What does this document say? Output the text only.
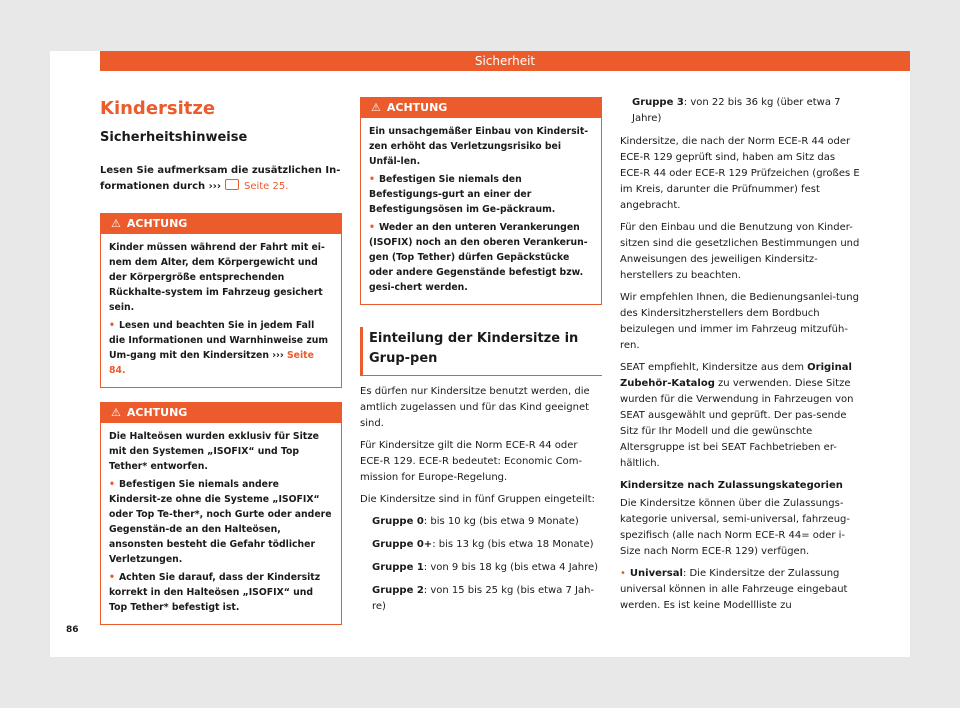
Sicherheit
Kindersitze
Sicherheitshinweise

Lesen Sie aufmerksam die zusätzlichen In-formationen durch ››› Seite 25.

⚠ ACHTUNG

Kinder müssen während der Fahrt mit ei-nem dem Alter, dem Körpergewicht und der Körpergröße entsprechenden Rückhalte-system im Fahrzeug gesichert sein.

• Lesen und beachten Sie in jedem Fall die Informationen und Warnhinweise zum Um-gang mit den Kindersitzen ››› Seite 84.

⚠ ACHTUNG

Die Halteösen wurden exklusiv für Sitze mit den Systemen „ISOFIX“ und Top Tether* entworfen.

• Befestigen Sie niemals andere Kindersit-ze ohne die Systeme „ISOFIX“ oder Top Te-ther*, noch Gurte oder andere Gegenstän-de an den Halteösen, ansonsten besteht die Gefahr tödlicher Verletzungen.

• Achten Sie darauf, dass der Kindersitz korrekt in den Halteösen „ISOFIX“ und Top Tether* befestigt ist.

⚠ ACHTUNG

Ein unsachgemäßer Einbau von Kindersit-zen erhöht das Verletzungsrisiko bei Unfäl-len.

• Befestigen Sie niemals den Befestigungs-gurt an einer der Befestigungsösen im Ge-päckraum.

• Weder an den unteren Verankerungen (ISOFIX) noch an den oberen Verankerun-gen (Top Tether) dürfen Gepäckstücke oder andere Gegenstände befestigt bzw. gesi-chert werden.

Einteilung der Kindersitze in Grup-pen

Es dürfen nur Kindersitze benutzt werden, die amtlich zugelassen und für das Kind geeignet sind.

Für Kindersitze gilt die Norm ECE-R 44 oder ECE-R 129. ECE-R bedeutet: Economic Com-mission for Europe-Regelung.

Die Kindersitze sind in fünf Gruppen eingeteilt:

Gruppe 0: bis 10 kg (bis etwa 9 Monate)
Gruppe 0+: bis 13 kg (bis etwa 18 Monate)
Gruppe 1: von 9 bis 18 kg (bis etwa 4 Jahre)
Gruppe 2: von 15 bis 25 kg (bis etwa 7 Jah-re)
Gruppe 3: von 22 bis 36 kg (über etwa 7 Jahre)

Kindersitze, die nach der Norm ECE-R 44 oder ECE-R 129 geprüft sind, haben am Sitz das ECE-R 44 oder ECE-R 129 Prüfzeichen (großes E im Kreis, darunter die Prüfnummer) fest angebracht.

Für den Einbau und die Benutzung von Kinder-sitzen sind die gesetzlichen Bestimmungen und Anweisungen des jeweiligen Kindersitz-herstellers zu beachten.

Wir empfehlen Ihnen, die Bedienungsanlei-tung des Kindersitzherstellers dem Bordbuch beizulegen und immer im Fahrzeug mitzufüh-ren.

SEAT empfiehlt, Kindersitze aus dem Original Zubehör-Katalog zu verwenden. Diese Sitze wurden für die Verwendung in Fahrzeugen von SEAT ausgewählt und geprüft. Der pas-sende Sitz für Ihr Modell und die gewünschte Altersgruppe ist bei SEAT Fachbetrieben er-hältlich.

Kindersitze nach Zulassungskategorien

Die Kindersitze können über die Zulassungs-kategorie universal, semi-universal, fahrzeug-spezifisch (alle nach Norm ECE-R 44= oder i-Size nach Norm ECE-R 129) verfügen.

• Universal: Die Kindersitze der Zulassung universal können in alle Fahrzeuge eingebaut werden. Es ist keine Modellliste zu

86
